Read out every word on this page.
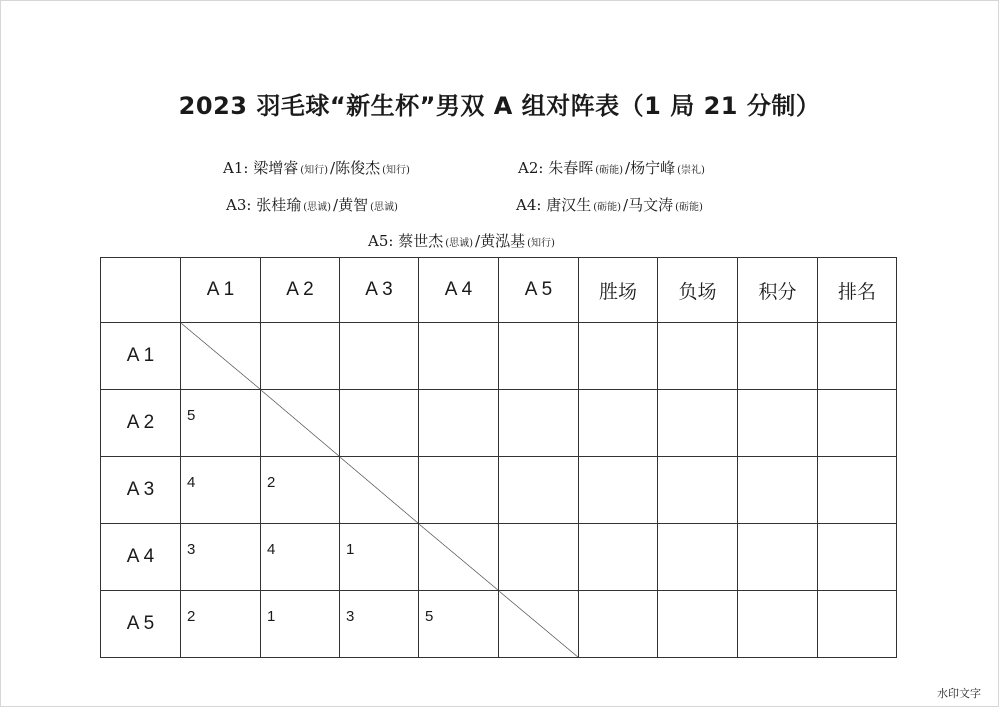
2023 羽毛球“新生杯”男双 A 组对阵表（1 局 21 分制）
A1: 梁增睿 (知行) /陈俊杰 (知行)	A2: 朱春晖 (砺能) /杨宁峰 (崇礼)
A3: 张桂瑜 (思诚) /黄智 (思诚)	A4: 唐汉生 (砺能) /马文涛 (砺能)
A5: 蔡世杰 (思诚) /黄泓基 (知行)
	A 1	A 2	A 3	A 4	A 5	胜场	负场	积分	排名
A 1		

A 2	5								

A 3	4	2							

A 4	3	4	1						

A 5	2	1	3	5					

水印文字
